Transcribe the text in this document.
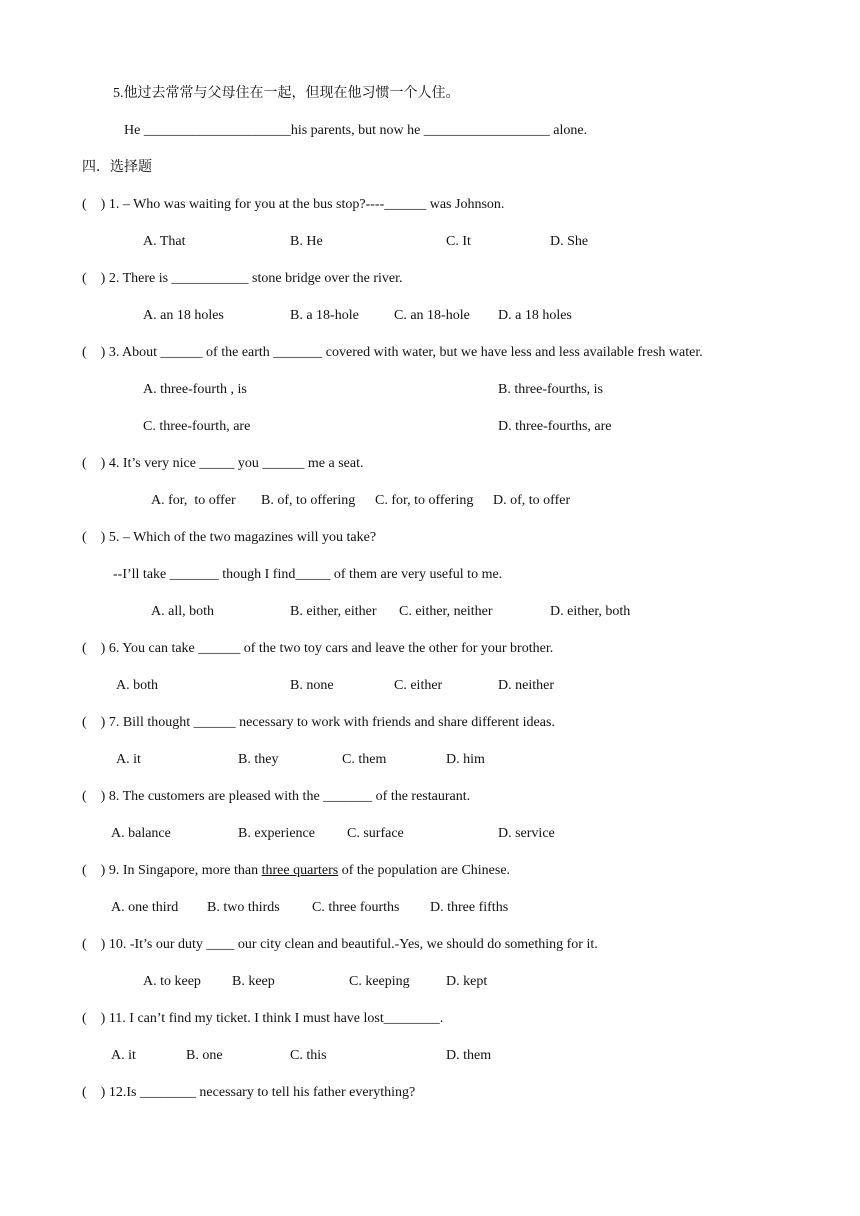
5.他过去常常与父母住在一起，但现在他习惯一个人住。
He _____________________his parents, but now he __________________ alone.
四．选择题
(    ) 1. – Who was waiting for you at the bus stop?----______ was Johnson.
A. That	B. He	C. It	D. She
(    ) 2. There is ___________ stone bridge over the river.
A. an 18 holes	B. a 18-hole	C. an 18-hole D. a 18 holes
(    ) 3. About ______ of the earth _______ covered with water, but we have less and less available fresh water.
A. three-fourth , is	B. three-fourths, is
C. three-fourth, are	D. three-fourths, are
(    ) 4. It’s very nice _____ you ______ me a seat.
A. for,  to offer B. of, to offering C. for, to offering D. of, to offer
(    ) 5. – Which of the two magazines will you take?
--I’ll take _______ though I find_____ of them are very useful to me.
A. all, both	B. either, either C. either, neither	D. either, both
(    ) 6. You can take ______ of the two toy cars and leave the other for your brother.
A. both	B. none	C. either	D. neither
(    ) 7. Bill thought ______ necessary to work with friends and share different ideas.
A. it	B. they	C. them	D. him
(    ) 8. The customers are pleased with the _______ of the restaurant.
A. balance	B. experience C. surface	D. service
(    ) 9. In Singapore, more than three quarters of the population are Chinese.
A. one third B. two thirds C. three fourths D. three fifths
(    ) 10. -It’s our duty ____ our city clean and beautiful.-Yes, we should do something for it.
A. to keep B. keep	C. keeping	D. kept
(    ) 11. I can’t find my ticket. I think I must have lost________.
A. it	B. one	C. this	D. them
(    ) 12.Is ________ necessary to tell his father everything?
